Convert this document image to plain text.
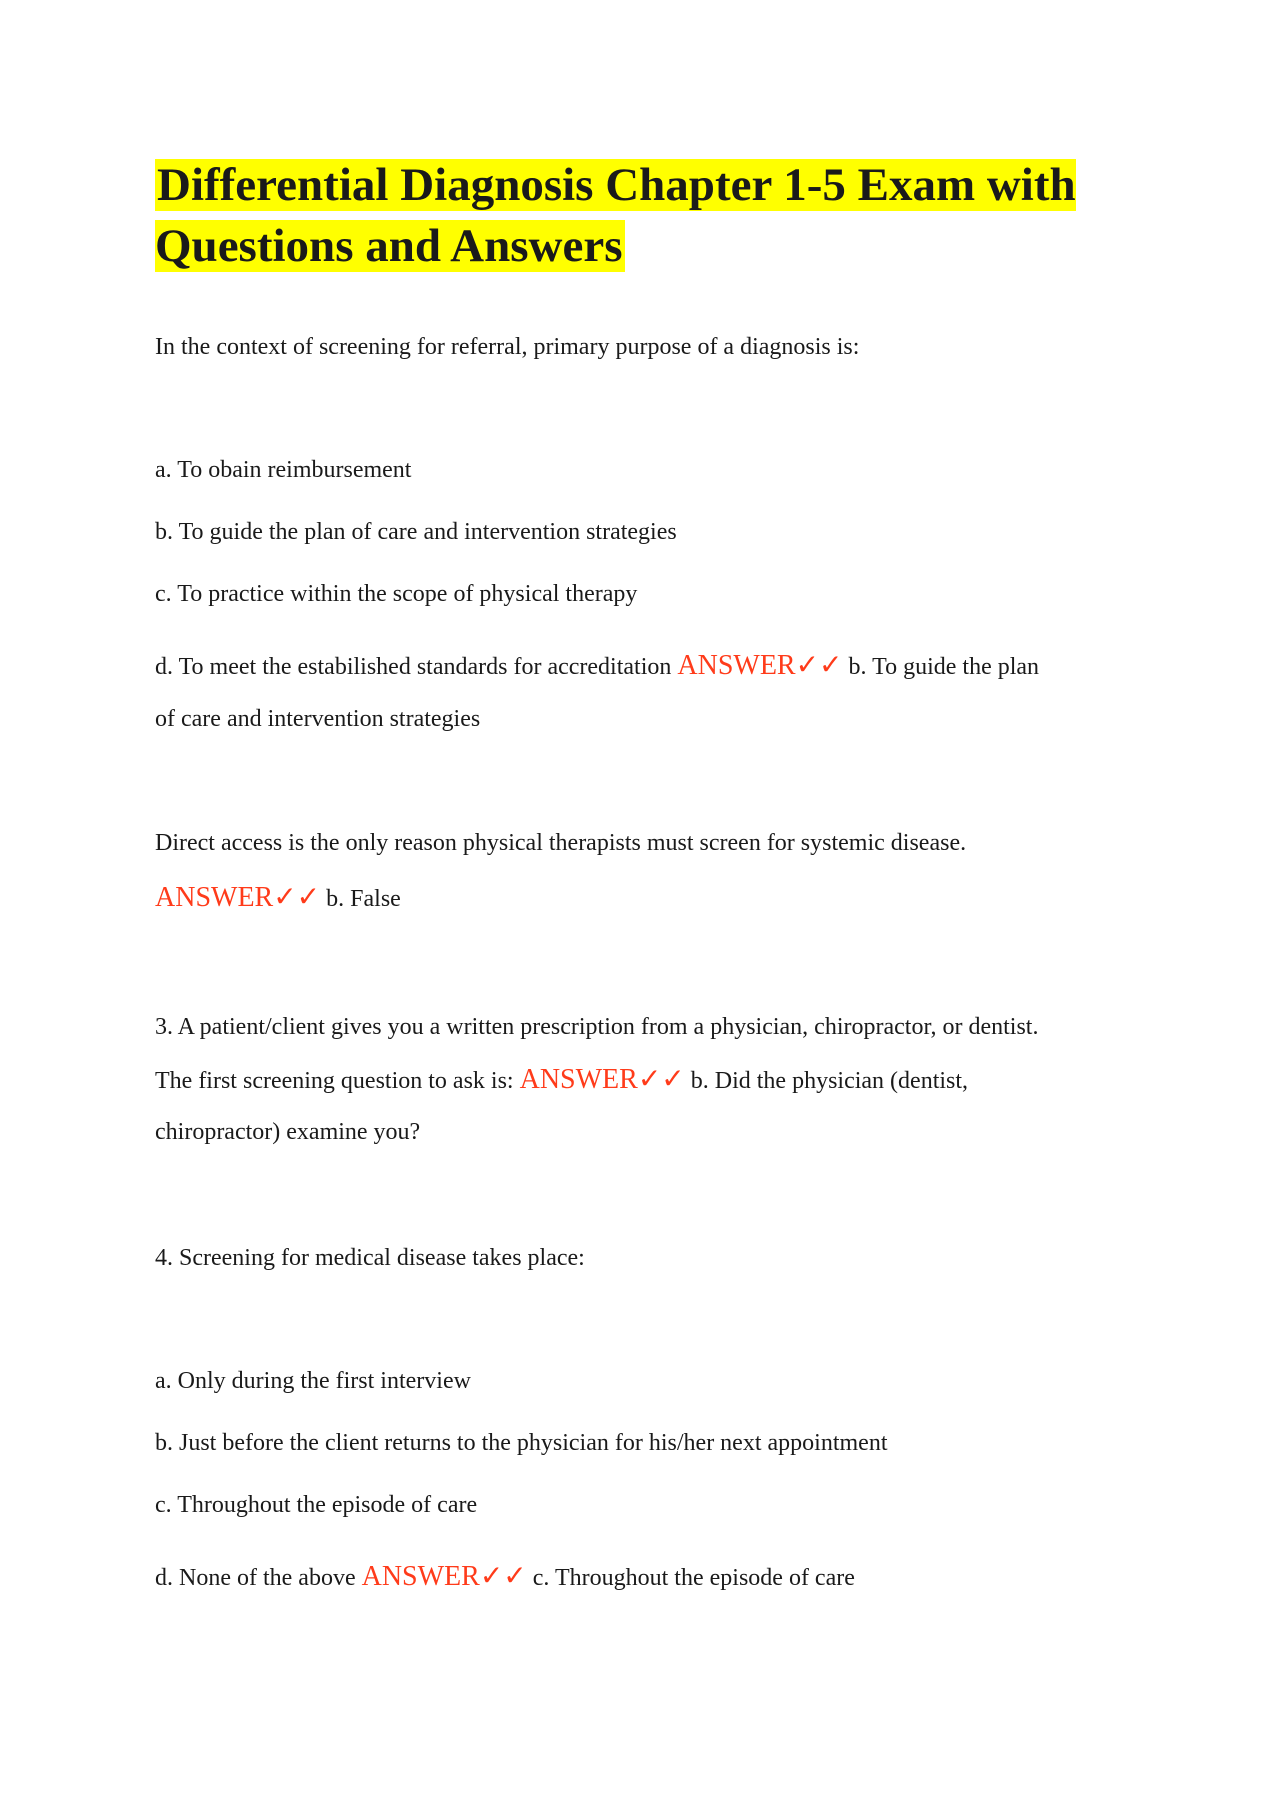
Differential Diagnosis Chapter 1-5 Exam with Questions and Answers

In the context of screening for referral, primary purpose of a diagnosis is:

a. To obain reimbursement

b. To guide the plan of care and intervention strategies

c. To practice within the scope of physical therapy

d. To meet the estabilished standards for accreditation ANSWER✓✓ b. To guide the plan

of care and intervention strategies

Direct access is the only reason physical therapists must screen for systemic disease.

ANSWER✓✓ b. False

3. A patient/client gives you a written prescription from a physician, chiropractor, or dentist.

The first screening question to ask is: ANSWER✓✓ b. Did the physician (dentist,

chiropractor) examine you?

4. Screening for medical disease takes place:

a. Only during the first interview

b. Just before the client returns to the physician for his/her next appointment

c. Throughout the episode of care

d. None of the above ANSWER✓✓ c. Throughout the episode of care
